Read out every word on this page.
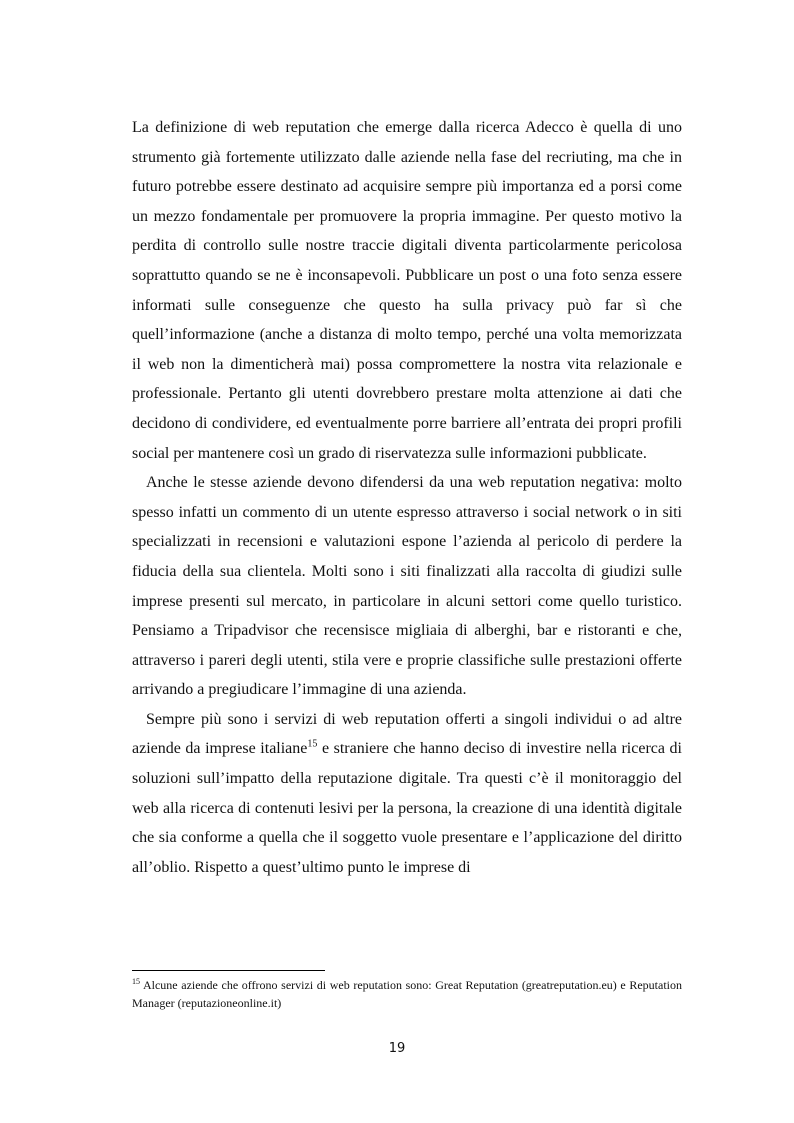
La definizione di web reputation che emerge dalla ricerca Adecco è quella di uno strumento già fortemente utilizzato dalle aziende nella fase del recriuting, ma che in futuro potrebbe essere destinato ad acquisire sempre più importanza ed a porsi come un mezzo fondamentale per promuovere la propria immagine. Per questo motivo la perdita di controllo sulle nostre traccie digitali diventa particolarmente pericolosa soprattutto quando se ne è inconsapevoli. Pubblicare un post o una foto senza essere informati sulle conseguenze che questo ha sulla privacy può far sì che quell’informazione (anche a distanza di molto tempo, perché una volta memorizzata il web non la dimenticherà mai) possa compromettere la nostra vita relazionale e professionale. Pertanto gli utenti dovrebbero prestare molta attenzione ai dati che decidono di condividere, ed eventualmente porre barriere all’entrata dei propri profili social per mantenere così un grado di riservatezza sulle informazioni pubblicate.

Anche le stesse aziende devono difendersi da una web reputation negativa: molto spesso infatti un commento di un utente espresso attraverso i social network o in siti specializzati in recensioni e valutazioni espone l’azienda al pericolo di perdere la fiducia della sua clientela. Molti sono i siti finalizzati alla raccolta di giudizi sulle imprese presenti sul mercato, in particolare in alcuni settori come quello turistico. Pensiamo a Tripadvisor che recensisce migliaia di alberghi, bar e ristoranti e che, attraverso i pareri degli utenti, stila vere e proprie classifiche sulle prestazioni offerte arrivando a pregiudicare l’immagine di una azienda.

Sempre più sono i servizi di web reputation offerti a singoli individui o ad altre aziende da imprese italiane$^{15}$ e straniere che hanno deciso di investire nella ricerca di soluzioni sull’impatto della reputazione digitale. Tra questi c’è il monitoraggio del web alla ricerca di contenuti lesivi per la persona, la creazione di una identità digitale che sia conforme a quella che il soggetto vuole presentare e l’applicazione del diritto all’oblio. Rispetto a quest’ultimo punto le imprese di

$^{15}$ Alcune aziende che offrono servizi di web reputation sono: Great Reputation (greatreputation.eu) e Reputation Manager (reputazioneonline.it)
19
